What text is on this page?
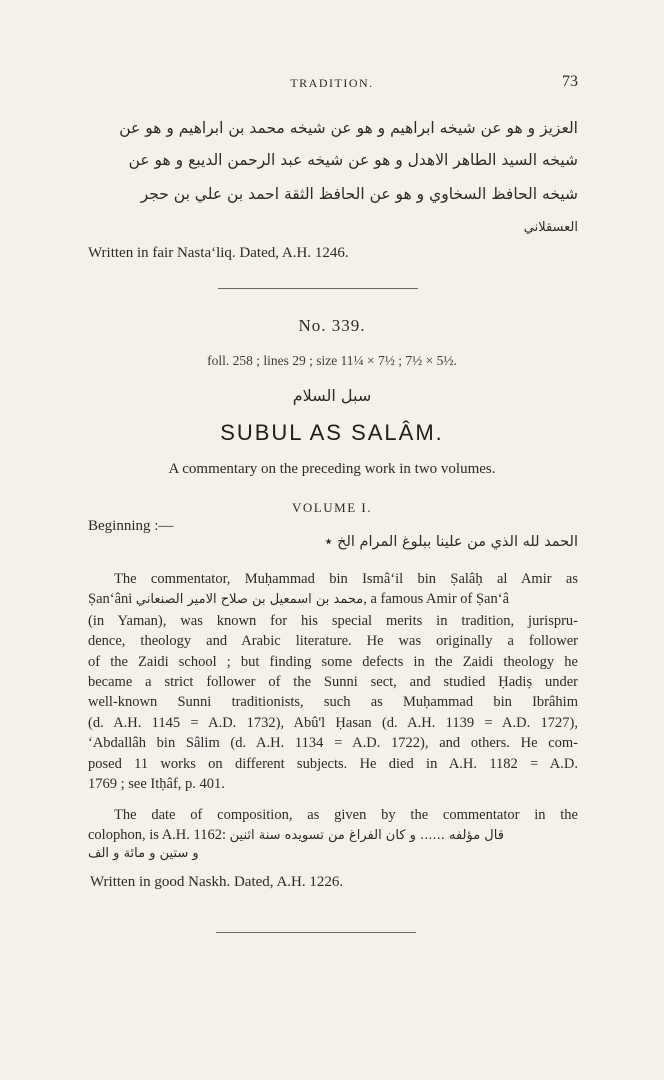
TRADITION.	73
العزيز و هو عن شيخه ابراهيم و هو عن شيخه محمد بن ابراهيم و هو عن
شيخه السيد الطاهر الاهدل و هو عن شيخه عبد الرحمن الديبع و هو عن
شيخه الحافظ السخاوي و هو عن الحافظ الثقة احمد بن علي بن حجر
العسقلاني
Written in fair Nasta‘liq. Dated, A.H. 1246.
No. 339.
foll. 258 ; lines 29 ; size 11¼ × 7½ ; 7½ × 5½.
سبل السلام
SUBUL AS SALÂM.
A commentary on the preceding work in two volumes.
VOLUME I.
Beginning :—
الحمد لله الذي من علينا ببلوغ المرام الخ ٭
The commentator, Muḥammad bin Ismâ‘il bin Ṣalâḥ al Amir as
Ṣan‘âni محمد بن اسمعيل بن صلاح الامير الصنعاني, a famous Amir of Ṣan‘â
(in Yaman), was known for his special merits in tradition, jurispru-
dence, theology and Arabic literature. He was originally a follower
of the Zaidi school ; but finding some defects in the Zaidi theology he
became a strict follower of the Sunni sect, and studied Ḥadiṣ under
well-known Sunni traditionists, such as Muḥammad bin Ibrâhim
(d. A.H. 1145 = A.D. 1732), Abû'l Ḥasan (d. A.H. 1139 = A.D. 1727),
‘Abdallâh bin Sâlim (d. A.H. 1134 = A.D. 1722), and others. He com-
posed 11 works on different subjects. He died in A.H. 1182 = A.D.
1769 ; see Itḥâf, p. 401.
The date of composition, as given by the commentator in the
colophon, is A.H. 1162: قال مؤلفه ...... و كان الفراغ من تسويده سنة اثنين
و ستين و مائة و الف
Written in good Naskh. Dated, A.H. 1226.
